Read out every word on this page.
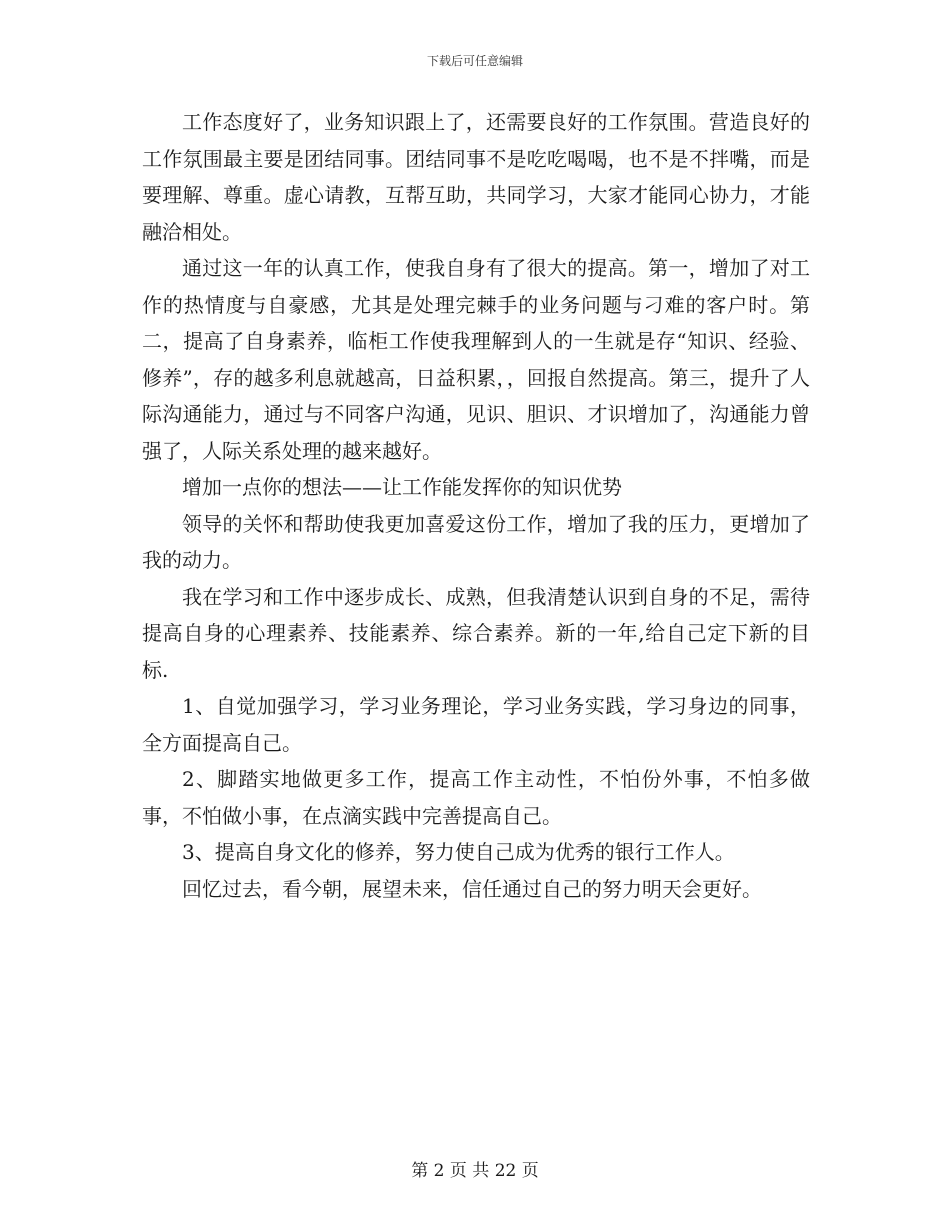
下载后可任意编辑

工作态度好了，业务知识跟上了，还需要良好的工作氛围。营造良好的工作氛围最主要是团结同事。团结同事不是吃吃喝喝，也不是不拌嘴，而是要理解、尊重。虚心请教，互帮互助，共同学习，大家才能同心协力，才能融洽相处。

通过这一年的认真工作，使我自身有了很大的提高。第一，增加了对工作的热情度与自豪感，尤其是处理完棘手的业务问题与刁难的客户时。第二，提高了自身素养，临柜工作使我理解到人的一生就是存“知识、经验、修养”，存的越多利息就越高，日益积累，，回报自然提高。第三，提升了人际沟通能力，通过与不同客户沟通，见识、胆识、才识增加了，沟通能力曾强了，人际关系处理的越来越好。

增加一点你的想法——让工作能发挥你的知识优势

领导的关怀和帮助使我更加喜爱这份工作，增加了我的压力，更增加了我的动力。

我在学习和工作中逐步成长、成熟，但我清楚认识到自身的不足，需待提高自身的心理素养、技能素养、综合素养。新的一年,给自己定下新的目标.

1、自觉加强学习，学习业务理论，学习业务实践，学习身边的同事，全方面提高自己。

2、脚踏实地做更多工作，提高工作主动性，不怕份外事，不怕多做事，不怕做小事，在点滴实践中完善提高自己。

3、提高自身文化的修养，努力使自己成为优秀的银行工作人。

回忆过去，看今朝，展望未来，信任通过自己的努力明天会更好。

第 2 页 共 22 页
